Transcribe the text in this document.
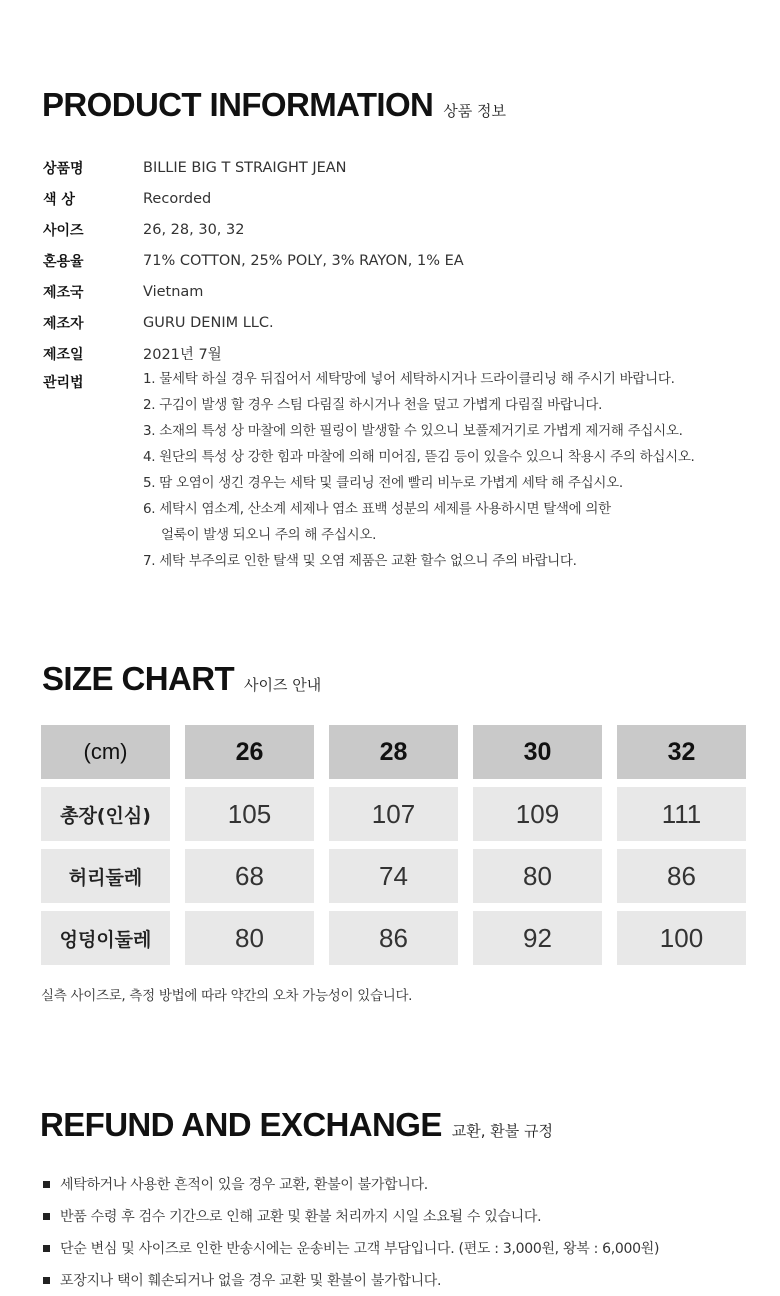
PRODUCT INFORMATION 상품 정보
상품명	BILLIE BIG T STRAIGHT JEAN
색 상	Recorded
사이즈	26, 28, 30, 32
혼용율	71% COTTON, 25% POLY, 3% RAYON, 1% EA
제조국	Vietnam
제조자	GURU DENIM LLC.
제조일	2021년 7월
관리법	1. 물세탁 하실 경우 뒤집어서 세탁망에 넣어 세탁하시거나 드라이클리닝 해 주시기 바랍니다.
2. 구김이 발생 할 경우 스팀 다림질 하시거나 천을 덮고 가볍게 다림질 바랍니다.
3. 소재의 특성 상 마찰에 의한 필링이 발생할 수 있으니 보풀제거기로 가볍게 제거해 주십시오.
4. 원단의 특성 상 강한 힘과 마찰에 의해 미어짐, 뜯김 등이 있을수 있으니 착용시 주의 하십시오.
5. 땀 오염이 생긴 경우는 세탁 및 클리닝 전에 빨리 비누로 가볍게 세탁 해 주십시오.
6. 세탁시 염소계, 산소계 세제나 염소 표백 성분의 세제를 사용하시면 탈색에 의한
얼룩이 발생 되오니 주의 해 주십시오.
7. 세탁 부주의로 인한 탈색 및 오염 제품은 교환 할수 없으니 주의 바랍니다.
SIZE CHART 사이즈 안내
(cm)	26	28	30	32
총장(인심)	105	107	109	111
허리둘레	68	74	80	86
엉덩이둘레	80	86	92	100
실측 사이즈로, 측정 방법에 따라 약간의 오차 가능성이 있습니다.
REFUND AND EXCHANGE 교환, 환불 규정
세탁하거나 사용한 흔적이 있을 경우 교환, 환불이 불가합니다.
반품 수령 후 검수 기간으로 인해 교환 및 환불 처리까지 시일 소요될 수 있습니다.
단순 변심 및 사이즈로 인한 반송시에는 운송비는 고객 부담입니다. (편도 : 3,000원, 왕복 : 6,000원)
포장지나 택이 훼손되거나 없을 경우 교환 및 환불이 불가합니다.
